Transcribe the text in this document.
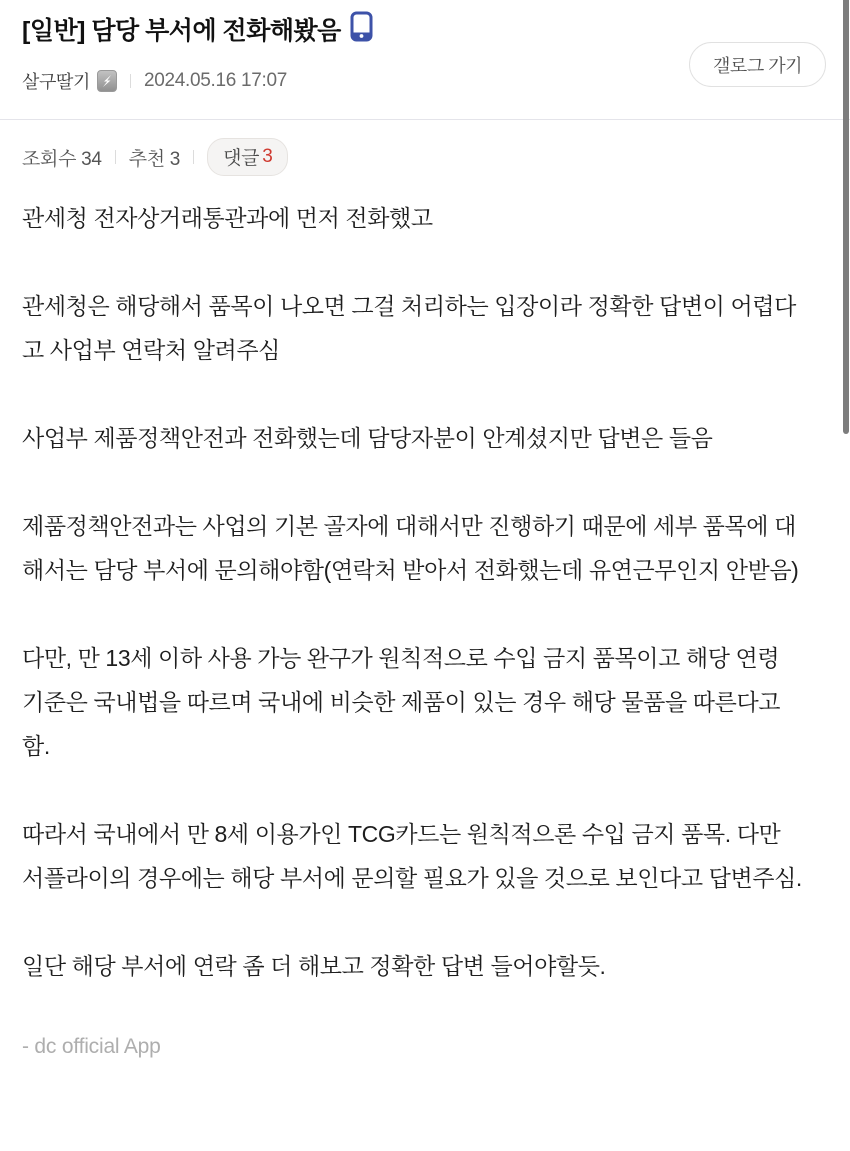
[일반] 담당 부서에 전화해봤음
살구딸기	2024.05.16 17:07
갤로그 가기
조회수 34 추천 3 댓글 3

관세청 전자상거래통관과에 먼저 전화했고

관세청은 해당해서 품목이 나오면 그걸 처리하는 입장이라 정확한 답변이 어렵다고 사업부 연락처 알려주심

사업부 제품정책안전과 전화했는데 담당자분이 안계셨지만 답변은 들음

제품정책안전과는 사업의 기본 골자에 대해서만 진행하기 때문에 세부 품목에 대해서는 담당 부서에 문의해야함(연락처 받아서 전화했는데 유연근무인지 안받음)

다만, 만 13세 이하 사용 가능 완구가 원칙적으로 수입 금지 품목이고 해당 연령 기준은 국내법을 따르며 국내에 비슷한 제품이 있는 경우 해당 물품을 따른다고 함.

따라서 국내에서 만 8세 이용가인 TCG카드는 원칙적으론 수입 금지 품목. 다만 서플라이의 경우에는 해당 부서에 문의할 필요가 있을 것으로 보인다고 답변주심.

일단 해당 부서에 연락 좀 더 해보고 정확한 답변 들어야할듯.

- dc official App
